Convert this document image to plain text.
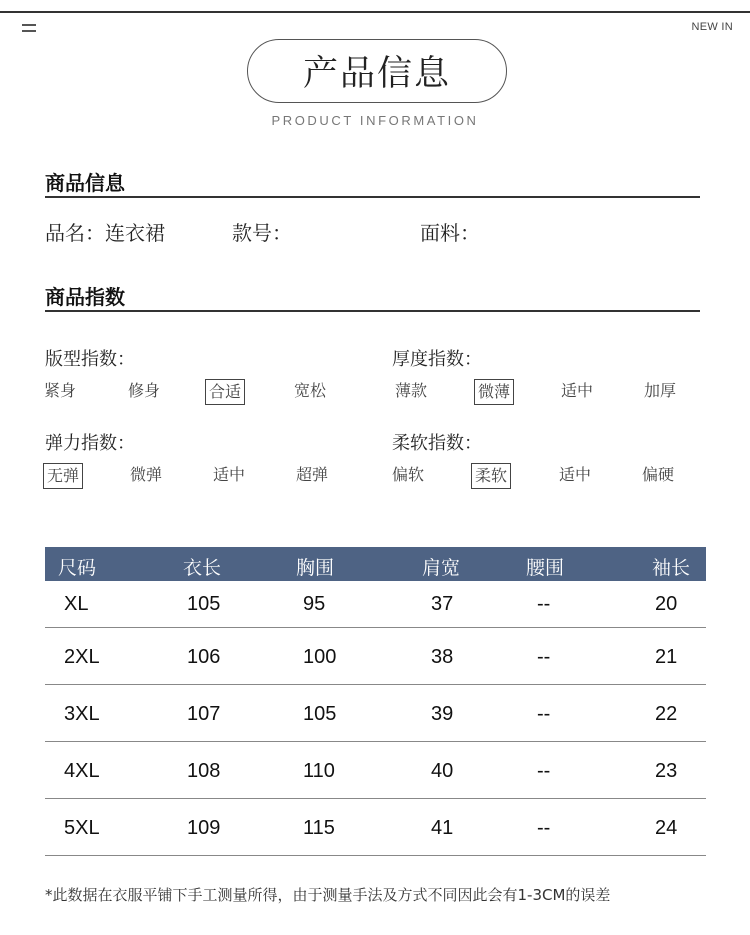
NEW IN
产品信息
PRODUCT INFORMATION
商品信息
品名：连衣裙	款号：	面料：
商品指数
版型指数：
紧身	修身	合适	宽松
厚度指数：
薄款	微薄	适中	加厚
弹力指数：
无弹	微弹	适中	超弹
柔软指数：
偏软	柔软	适中	偏硬
尺码	衣长	胸围	肩宽	腰围	袖长
XL	105	95	37	--	20
2XL	106	100	38	--	21
3XL	107	105	39	--	22
4XL	108	110	40	--	23
5XL	109	115	41	--	24
*此数据在衣服平铺下手工测量所得，由于测量手法及方式不同因此会有1-3CM的误差
